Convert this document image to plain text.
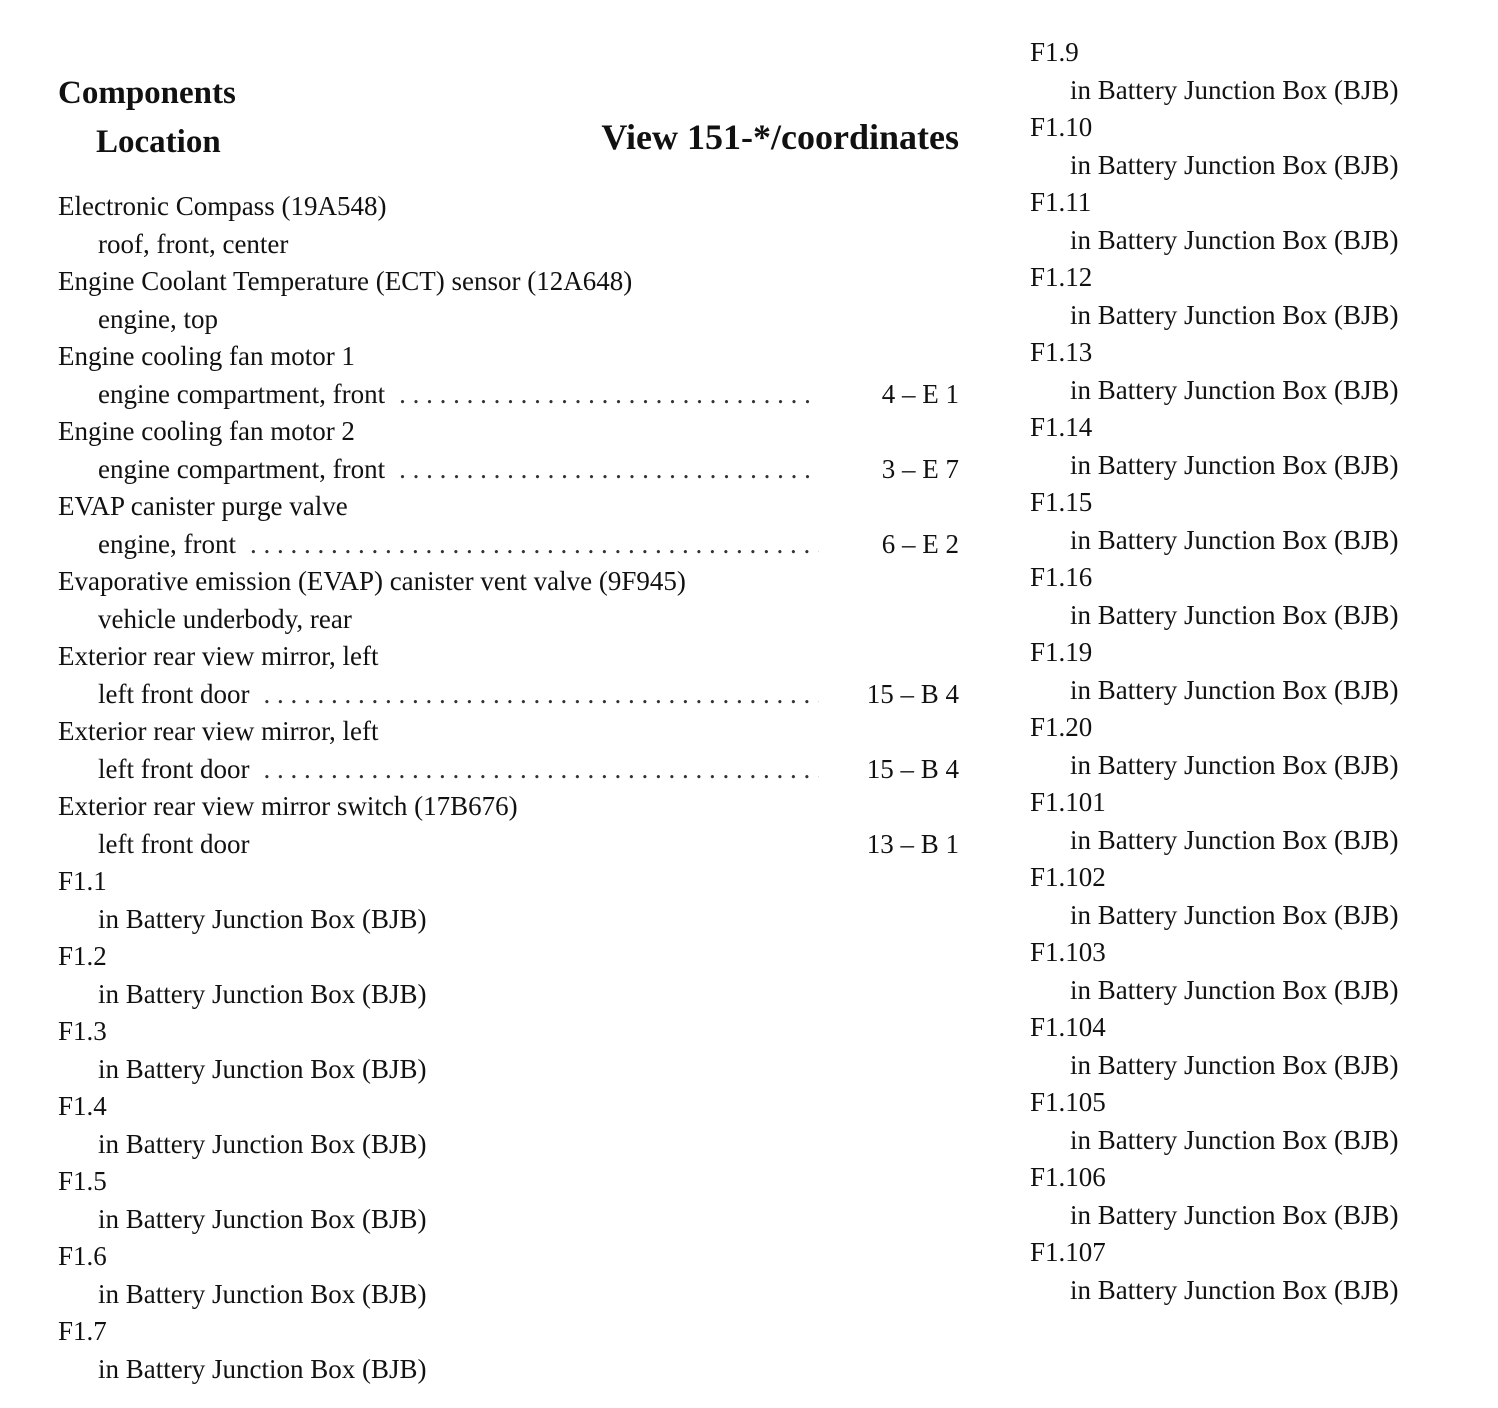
Components
Location	View 151-*/coordinates
Electronic Compass (19A548)
roof, front, center
Engine Coolant Temperature (ECT) sensor (12A648)
engine, top
Engine cooling fan motor 1
engine compartment, front . . .	4 – E 1
Engine cooling fan motor 2
engine compartment, front . . .	3 – E 7
EVAP canister purge valve
engine, front . . .	6 – E 2
Evaporative emission (EVAP) canister vent valve (9F945)
vehicle underbody, rear
Exterior rear view mirror, left
left front door . . .	15 – B 4
Exterior rear view mirror, left
left front door . . .	15 – B 4
Exterior rear view mirror switch (17B676)
left front door	13 – B 1
F1.1
in Battery Junction Box (BJB)
F1.2
in Battery Junction Box (BJB)
F1.3
in Battery Junction Box (BJB)
F1.4
in Battery Junction Box (BJB)
F1.5
in Battery Junction Box (BJB)
F1.6
in Battery Junction Box (BJB)
F1.7
in Battery Junction Box (BJB)
F1.9
in Battery Junction Box (BJB)
F1.10
in Battery Junction Box (BJB)
F1.11
in Battery Junction Box (BJB)
F1.12
in Battery Junction Box (BJB)
F1.13
in Battery Junction Box (BJB)
F1.14
in Battery Junction Box (BJB)
F1.15
in Battery Junction Box (BJB)
F1.16
in Battery Junction Box (BJB)
F1.19
in Battery Junction Box (BJB)
F1.20
in Battery Junction Box (BJB)
F1.101
in Battery Junction Box (BJB)
F1.102
in Battery Junction Box (BJB)
F1.103
in Battery Junction Box (BJB)
F1.104
in Battery Junction Box (BJB)
F1.105
in Battery Junction Box (BJB)
F1.106
in Battery Junction Box (BJB)
F1.107
in Battery Junction Box (BJB)
